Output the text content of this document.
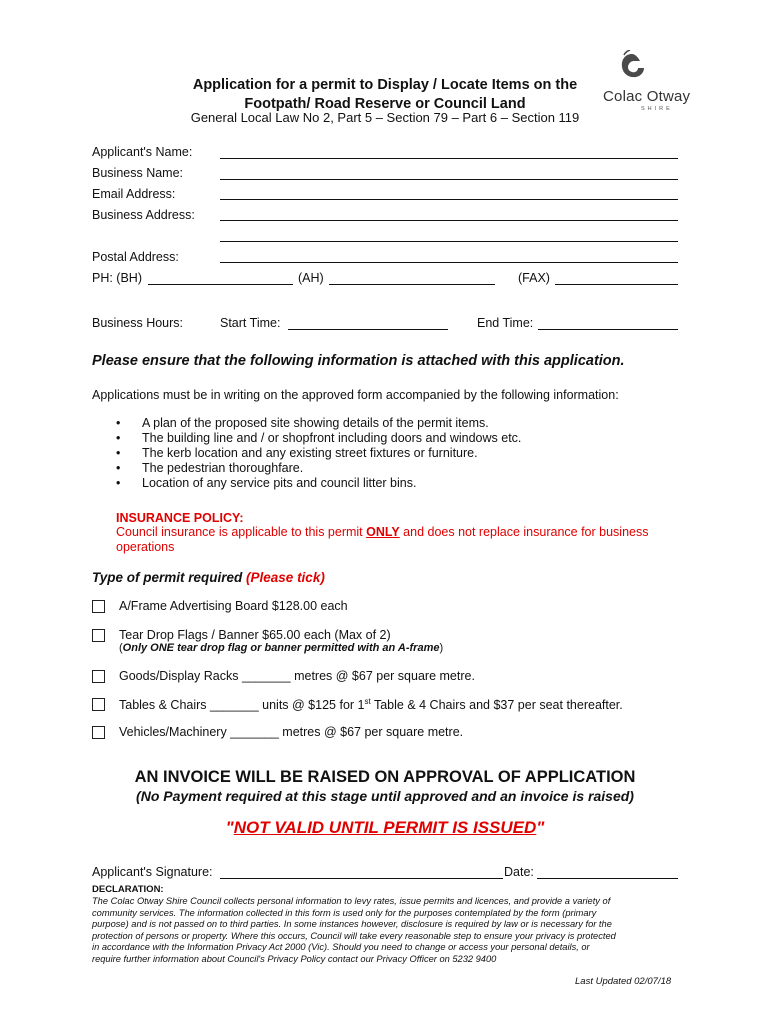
Application for a permit to Display / Locate Items on the
Footpath/ Road Reserve or Council Land
General Local Law No 2, Part 5 – Section 79 – Part 6 – Section 119
Colac Otway
SHIRE
Applicant's Name:
Business Name:
Email Address:
Business Address:
Postal Address:
PH: (BH)	(AH)	(FAX)
Business Hours:	Start Time:	End Time:
Please ensure that the following information is attached with this application.
Applications must be in writing on the approved form accompanied by the following information:
• A plan of the proposed site showing details of the permit items.
• The building line and / or shopfront including doors and windows etc.
• The kerb location and any existing street fixtures or furniture.
• The pedestrian thoroughfare.
• Location of any service pits and council litter bins.
INSURANCE POLICY:
Council insurance is applicable to this permit ONLY and does not replace insurance for business
operations
Type of permit required (Please tick)
A/Frame Advertising Board $128.00 each
Tear Drop Flags / Banner $65.00 each (Max of 2)
(Only ONE tear drop flag or banner permitted with an A-frame)
Goods/Display Racks _______ metres @ $67 per square metre.
Tables & Chairs _______ units @ $125 for 1st Table & 4 Chairs and $37 per seat thereafter.
Vehicles/Machinery _______ metres @ $67 per square metre.
AN INVOICE WILL BE RAISED ON APPROVAL OF APPLICATION
(No Payment required at this stage until approved and an invoice is raised)
"NOT VALID UNTIL PERMIT IS ISSUED"
Applicant's Signature:	Date:
DECLARATION:
The Colac Otway Shire Council collects personal information to levy rates, issue permits and licences, and provide a variety of
community services. The information collected in this form is used only for the purposes contemplated by the form (primary
purpose) and is not passed on to third parties. In some instances however, disclosure is required by law or is necessary for the
protection of persons or property. Where this occurs, Council will take every reasonable step to ensure your privacy is protected
in accordance with the Information Privacy Act 2000 (Vic). Should you need to change or access your personal details, or
require further information about Council's Privacy Policy contact our Privacy Officer on 5232 9400
Last Updated 02/07/18
